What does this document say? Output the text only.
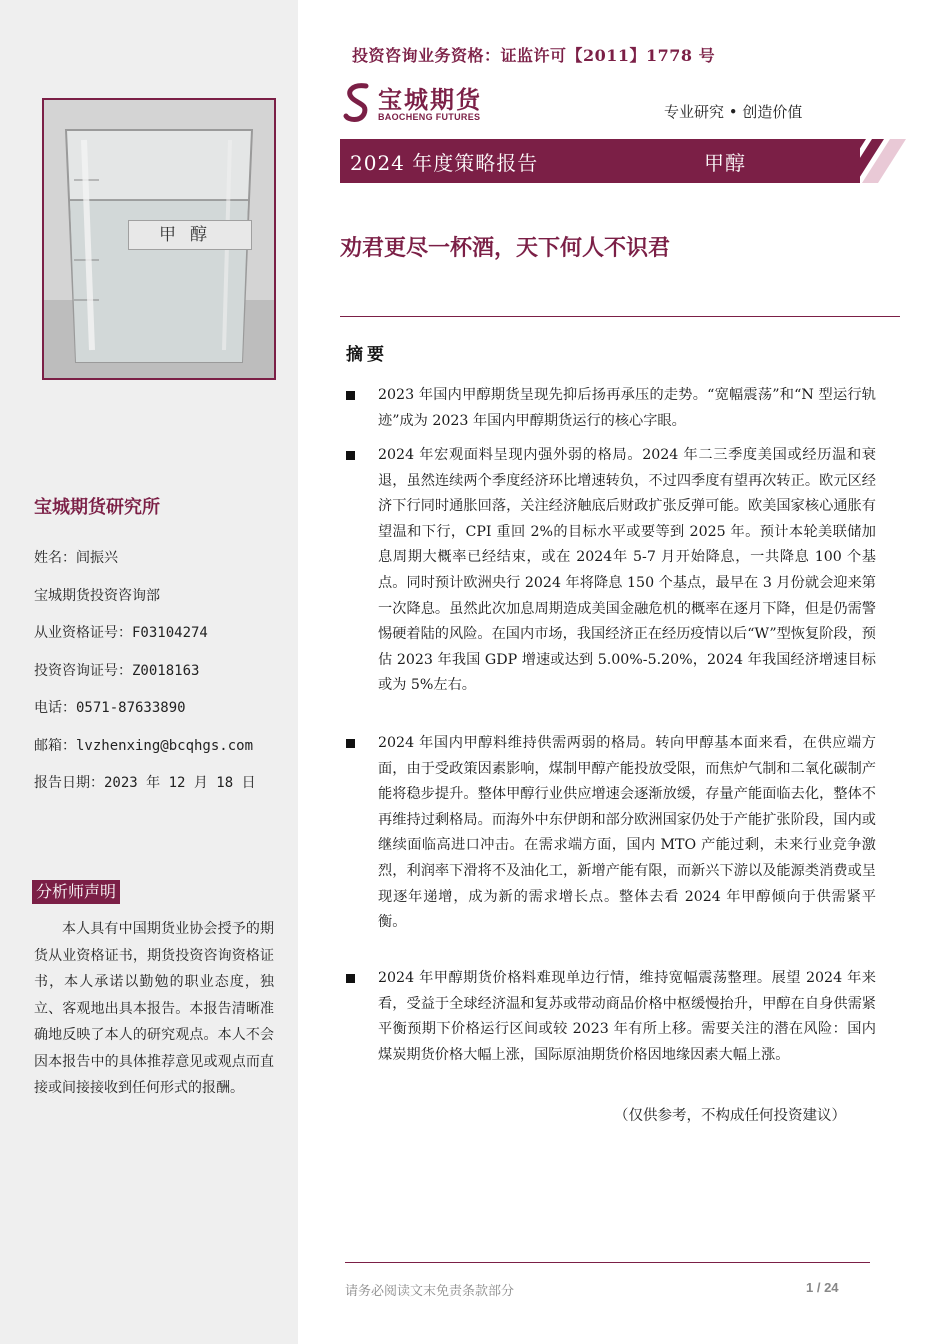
甲醇
宝城期货研究所
姓名：闾振兴
宝城期货投资咨询部
从业资格证号：F03104274
投资咨询证号：Z0018163
电话：0571-87633890
邮箱：lvzhenxing@bcqhgs.com
报告日期：2023 年 12 月 18 日
分析师声明
本人具有中国期货业协会授予的期货从业资格证书，期货投资咨询资格证书，本人承诺以勤勉的职业态度，独立、客观地出具本报告。本报告清晰准确地反映了本人的研究观点。本人不会因本报告中的具体推荐意见或观点而直接或间接接收到任何形式的报酬。
投资咨询业务资格：证监许可【2011】1778 号
宝城期货
BAOCHENG FUTURES	专业研究 • 创造价值
2024 年度策略报告	甲醇
劝君更尽一杯酒，天下何人不识君
摘要
2023 年国内甲醇期货呈现先抑后扬再承压的走势。“宽幅震荡”和“N 型运行轨迹”成为 2023 年国内甲醇期货运行的核心字眼。
2024 年宏观面料呈现内强外弱的格局。2024 年二三季度美国或经历温和衰退，虽然连续两个季度经济环比增速转负，不过四季度有望再次转正。欧元区经济下行同时通胀回落，关注经济触底后财政扩张反弹可能。欧美国家核心通胀有望温和下行，CPI 重回 2%的目标水平或要等到 2025 年。预计本轮美联储加息周期大概率已经结束，或在 2024年 5-7 月开始降息，一共降息 100 个基点。同时预计欧洲央行 2024 年将降息 150 个基点，最早在 3 月份就会迎来第一次降息。虽然此次加息周期造成美国金融危机的概率在逐月下降，但是仍需警惕硬着陆的风险。在国内市场，我国经济正在经历疫情以后“W”型恢复阶段，预估 2023 年我国 GDP 增速或达到 5.00%-5.20%，2024 年我国经济增速目标或为 5%左右。
2024 年国内甲醇料维持供需两弱的格局。转向甲醇基本面来看，在供应端方面，由于受政策因素影响，煤制甲醇产能投放受限，而焦炉气制和二氧化碳制产能将稳步提升。整体甲醇行业供应增速会逐渐放缓，存量产能面临去化，整体不再维持过剩格局。而海外中东伊朗和部分欧洲国家仍处于产能扩张阶段，国内或继续面临高进口冲击。在需求端方面，国内 MTO 产能过剩，未来行业竞争激烈，利润率下滑将不及油化工，新增产能有限，而新兴下游以及能源类消费或呈现逐年递增，成为新的需求增长点。整体去看 2024 年甲醇倾向于供需紧平衡。
2024 年甲醇期货价格料难现单边行情，维持宽幅震荡整理。展望 2024 年来看，受益于全球经济温和复苏或带动商品价格中枢缓慢抬升，甲醇在自身供需紧平衡预期下价格运行区间或较 2023 年有所上移。需要关注的潜在风险：国内煤炭期货价格大幅上涨，国际原油期货价格因地缘因素大幅上涨。
（仅供参考，不构成任何投资建议）
请务必阅读文末免责条款部分	1 / 24
